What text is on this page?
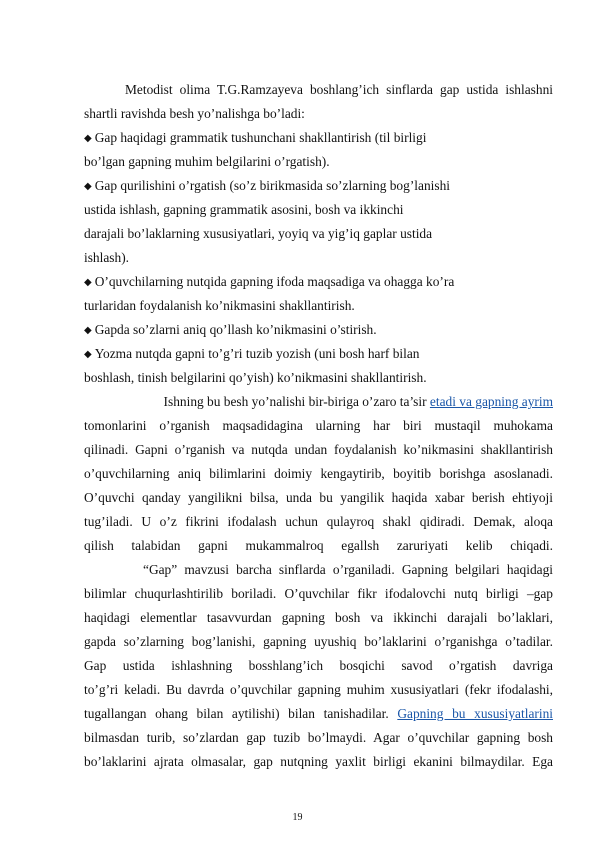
Metodist olima T.G.Ramzayeva boshlang’ich sinflarda gap ustida ishlashni
shartli ravishda besh yo’nalishga bo’ladi:
◆ Gap haqidagi grammatik tushunchani shakllantirish (til birligi
bo’lgan gapning muhim belgilarini o’rgatish).
◆ Gap qurilishini o’rgatish (so’z birikmasida so’zlarning bog’lanishi
ustida ishlash, gapning grammatik asosini, bosh va ikkinchi
darajali bo’laklarning xususiyatlari, yoyiq va yig’iq gaplar ustida
ishlash).
◆ O’quvchilarning nutqida gapning ifoda maqsadiga va ohagga ko’ra
turlaridan foydalanish ko’nikmasini shakllantirish.
◆ Gapda so’zlarni aniq qo’llash ko’nikmasini o’stirish.
◆ Yozma nutqda gapni to’g’ri tuzib yozish (uni bosh harf bilan
boshlash, tinish belgilarini qo’yish) ko’nikmasini shakllantirish.
Ishning bu besh yo’nalishi bir-biriga o’zaro ta’sir etadi va gapning ayrim
tomonlarini o’rganish maqsadidagina ularning har biri mustaqil muhokama
qilinadi. Gapni o’rganish va nutqda undan foydalanish ko’nikmasini shakllantirish
o’quvchilarning aniq bilimlarini doimiy kengaytirib, boyitib borishga asoslanadi.
O’quvchi qanday yangilikni bilsa, unda bu yangilik haqida xabar berish ehtiyoji
tug’iladi. U o’z fikrini ifodalash uchun qulayroq shakl qidiradi. Demak, aloqa
qilish talabidan gapni mukammalroq egallsh zaruriyati kelib chiqadi.
“Gap” mavzusi barcha sinflarda o’rganiladi. Gapning belgilari haqidagi
bilimlar chuqurlashtirilib boriladi. O’quvchilar fikr ifodalovchi nutq birligi –gap
haqidagi elementlar tasavvurdan gapning bosh va ikkinchi darajali bo’laklari,
gapda so’zlarning bog’lanishi, gapning uyushiq bo’laklarini o’rganishga o’tadilar.
Gap ustida ishlashning bosshlang’ich bosqichi savod o’rgatish davriga
to’g’ri keladi. Bu davrda o’quvchilar gapning muhim xususiyatlari (fekr ifodalashi,
tugallangan ohang bilan aytilishi) bilan tanishadilar. Gapning bu xususiyatlarini
bilmasdan turib, so’zlardan gap tuzib bo’lmaydi. Agar o’quvchilar gapning bosh
bo’laklarini ajrata olmasalar, gap nutqning yaxlit birligi ekanini bilmaydilar. Ega
19
